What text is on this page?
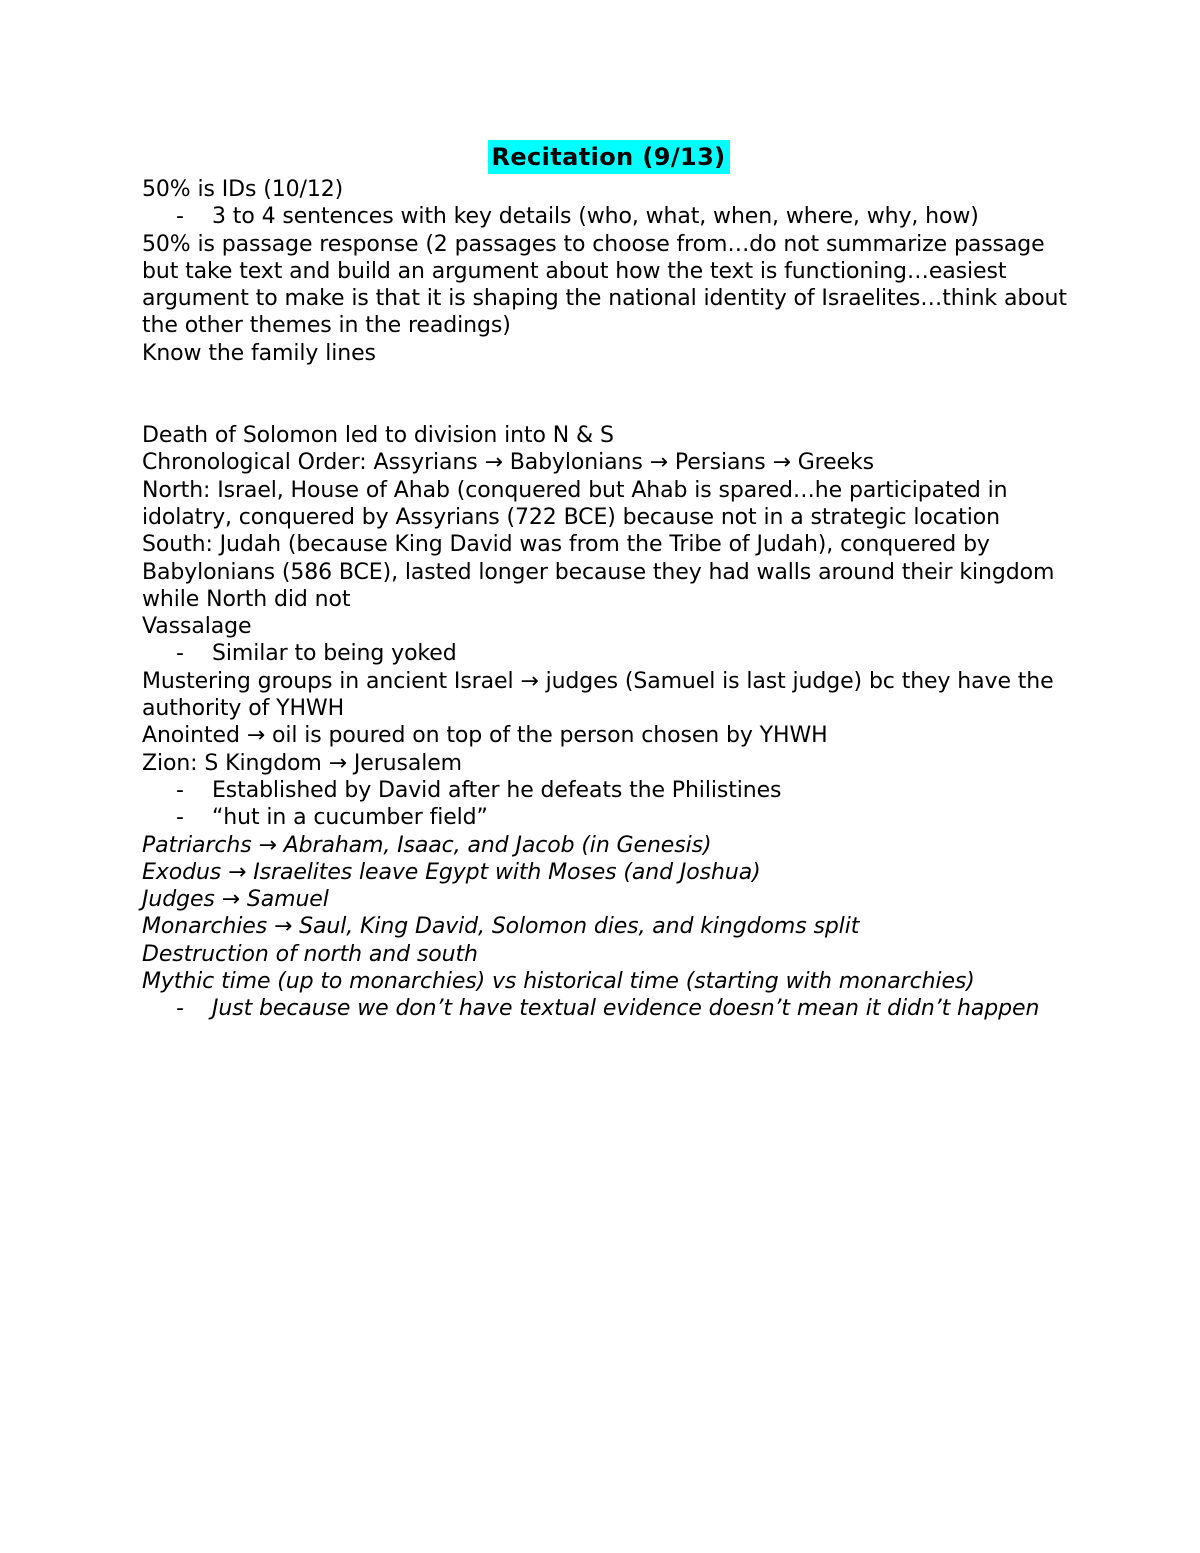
Recitation (9/13)
50% is IDs (10/12)
- 3 to 4 sentences with key details (who, what, when, where, why, how)
50% is passage response (2 passages to choose from…do not summarize passage but take text and build an argument about how the text is functioning…easiest argument to make is that it is shaping the national identity of Israelites…think about the other themes in the readings)
Know the family lines
Death of Solomon led to division into N & S
Chronological Order: Assyrians → Babylonians → Persians → Greeks
North: Israel, House of Ahab (conquered but Ahab is spared…he participated in idolatry, conquered by Assyrians (722 BCE) because not in a strategic location
South: Judah (because King David was from the Tribe of Judah), conquered by Babylonians (586 BCE), lasted longer because they had walls around their kingdom while North did not
Vassalage
- Similar to being yoked
Mustering groups in ancient Israel → judges (Samuel is last judge) bc they have the authority of YHWH
Anointed → oil is poured on top of the person chosen by YHWH
Zion: S Kingdom → Jerusalem
- Established by David after he defeats the Philistines
- “hut in a cucumber field”
Patriarchs → Abraham, Isaac, and Jacob (in Genesis)
Exodus → Israelites leave Egypt with Moses (and Joshua)
Judges → Samuel
Monarchies → Saul, King David, Solomon dies, and kingdoms split
Destruction of north and south
Mythic time (up to monarchies) vs historical time (starting with monarchies)
- Just because we don’t have textual evidence doesn’t mean it didn’t happen
